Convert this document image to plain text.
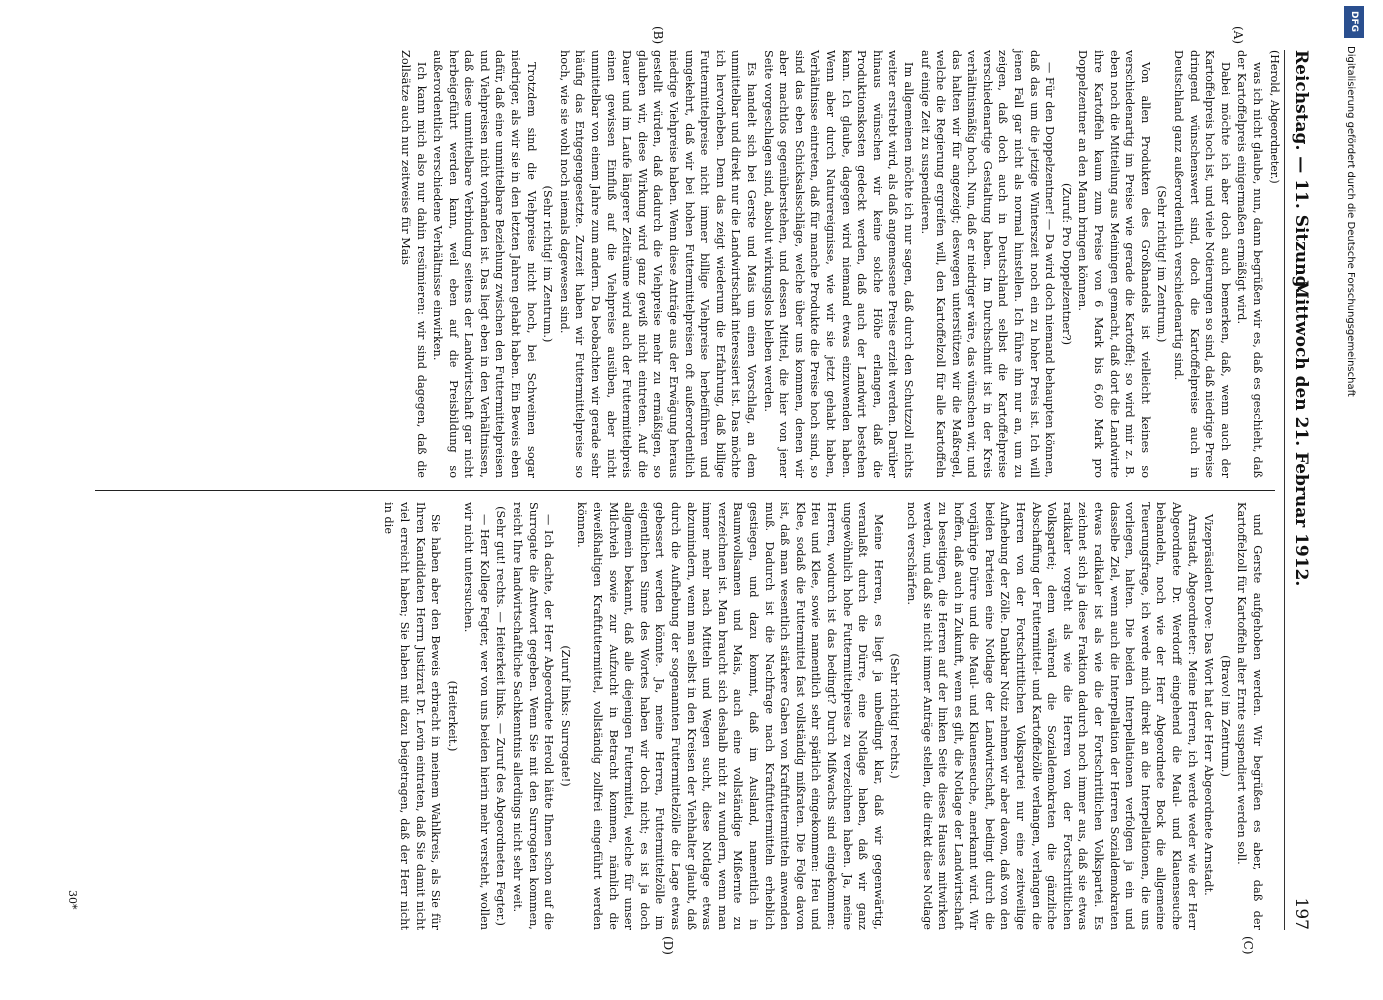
Reichstag. — 11. Sitzung.
Mittwoch den 21. Februar 1912.
197
(Herold, Abgeordneter.)
(A)
(B)
(C)
(D)

was ich nicht glaube, nun, dann begrüßen wir es, daß es geschieht, daß der Kartoffelpreis einigermaßen ermäßigt wird.

Dabei möchte ich aber doch auch bemerken, daß, wenn auch der Kartoffelpreis hoch ist, und viele Notierungen so sind, daß niedrige Preise dringend wünschenswert sind, doch die Kartoffelpreise auch in Deutschland ganz außerordentlich verschiedenartig sind.

(Sehr richtig! im Zentrum.)

Von allen Produkten des Großhandels ist vielleicht keines so verschiedenartig im Preise wie gerade die Kartoffel; so wird mir z. B. eben noch die Mitteilung aus Meiningen gemacht, daß dort die Landwirte ihre Kartoffeln kaum zum Preise von 6 Mark bis 6,60 Mark pro Doppelzentner an den Mann bringen können.

(Zuruf: Pro Doppelzentner?)

— Für den Doppelzentner! — Da wird doch niemand behaupten können, daß das um die jetzige Winterszeit noch ein zu hoher Preis ist. Ich will jenen Fall gar nicht als normal hinstellen. Ich führe ihn nur an, um zu zeigen, daß doch auch in Deutschland selbst die Kartoffelpreise verschiedenartige Gestaltung haben. Im Durchschnitt ist in der Kreis verhältnismäßig hoch. Nun, daß er niedriger wäre, das wünschen wir, und das halten wir für angezeigt; deswegen unterstützen wir die Maßregel, welche die Regierung ergreifen will, den Kartoffelzoll für alle Kartoffeln auf einige Zeit zu suspendieren.

Im allgemeinen möchte ich nur sagen, daß durch den Schutzzoll nichts weiter erstrebt wird, als daß angemessene Preise erzielt werden. Darüber hinaus wünschen wir keine solche Höhe erlangen, daß die Produktionskosten gedeckt werden, daß auch der Landwirt bestehen kann. Ich glaube, dagegen wird niemand etwas einzuwenden haben. Wenn aber durch Naturereignisse, wie wir sie jetzt gehabt haben, Verhältnisse eintreten, daß für manche Produkte die Preise hoch sind, so sind das eben Schicksalsschläge, welche über uns kommen, denen wir aber machtlos gegenüberstehen, und dessen Mittel, die hier von jener Seite vorgeschlagen sind, absolut wirkungslos bleiben werden.

Es handelt sich bei Gerste und Mais um einen Vorschlag, an dem unmittelbar und direkt nur die Landwirtschaft interessiert ist. Das möchte ich hervorheben. Denn das zeigt wiederum die Erfahrung, daß billige Futtermittelpreise nicht immer billige Viehpreise herbeiführen und umgekehrt, daß wir bei hohen Futtermittelpreisen oft außerordentlich niedrige Viehpreise haben. Wenn diese Anträge aus der Erwägung heraus gestellt würden, daß dadurch die Viehpreise mehr zu ermäßigen, so glauben wir, diese Wirkung wird ganz gewiß nicht eintreten. Auf die Dauer und im Laufe längerer Zeiträume wird auch der Futtermittelpreis einen gewissen Einfluß auf die Viehpreise ausüben, aber nicht unmittelbar von einem Jahre zum andern. Da beobachten wir gerade sehr häufig das Entgegengesetzte. Zurzeit haben wir Futtermittelpreise so hoch, wie sie wohl noch niemals dagewesen sind.

(Sehr richtig! im Zentrum.)

Trotzdem sind die Viehpreise nicht hoch, bei Schweinen sogar niedriger, als wir sie in den letzten Jahren gehabt haben. Ein Beweis eben dafür, daß eine unmittelbare Beziehung zwischen den Futtermittelpreisen und Viehpreisen nicht vorhanden ist. Das liegt eben in den Verhältnissen, daß diese unmittelbare Verbindung seitens der Landwirtschaft gar nicht herbeigeführt werden kann, weil eben auf die Preisbildung so außerordentlich verschiedene Verhältnisse einwirken.

Ich kann mich also nur dahin resümieren: wir sind dagegen, daß die Zollsätze auch nur zeitweise für Mais

und Gerste aufgehoben werden. Wir begrüßen es aber, daß der Kartoffelzoll für Kartoffeln alter Ernte suspendiert werden soll.

(Bravo! im Zentrum.)

Vizepräsident Dove: Das Wort hat der Herr Abgeordnete Arnstadt.

Arnstadt, Abgeordneter: Meine Herren, ich werde weder wie der Herr Abgeordnete Dr. Werdorff eingehend die Maul- und Klauenseuche behandeln, noch wie der Herr Abgeordnete Bock die allgemeine Teuerungsfrage, ich werde mich direkt an die Interpellationen, die uns vorliegen, halten. Die beiden Interpellationen verfolgen ja ein und dasselbe Ziel, wenn auch die Interpellation der Herren Sozialdemokraten etwas radikaler ist als wie die der Fortschrittlichen Volkspartei. Es zeichnet sich ja diese Fraktion dadurch noch immer aus, daß sie etwas radikaler vorgeht als wie die Herren von der Fortschrittlichen Volkspartei; denn während die Sozialdemokraten die gänzliche Abschaffung der Futtermittel- und Kartoffelzölle verlangen, verlangen die Herren von der Fortschrittlichen Volkspartei nur eine zeitweilige Aufhebung der Zölle. Dankbar Notiz nehmen wir aber davon, daß von den beiden Parteien eine Notlage der Landwirtschaft, bedingt durch die vorjährige Dürre und die Maul- und Klauenseuche, anerkannt wird. Wir hoffen, daß auch in Zukunft, wenn es gilt, die Notlage der Landwirtschaft zu beseitigen, die Herren auf der linken Seite dieses Hauses mitwirken werden, und daß sie nicht immer Anträge stellen, die direkt diese Notlage noch verschärfen.

(Sehr richtig! rechts.)

Meine Herren, es liegt ja unbedingt klar, daß wir gegenwärtig, veranlaßt durch die Dürre, eine Notlage haben, daß wir ganz ungewöhnlich hohe Futtermittelpreise zu verzeichnen haben. Ja, meine Herren, wodurch ist das bedingt? Durch Mißwachs sind eingekommen: Heu und Klee, sowie namentlich sehr spärlich eingekommen: Heu und Klee, sodaß die Futtermittel fast vollständig mißraten. Die Folge davon ist, daß man wesentlich stärkere Gaben von Kraftfuttermitteln anwenden muß. Dadurch ist die Nachfrage nach Kraftfuttermitteln erheblich gestiegen, und dazu kommt, daß im Ausland, namentlich in Baumwollsamen und Mais, auch eine vollständige Mißernte zu verzeichnen ist. Man braucht sich deshalb nicht zu wundern, wenn man immer mehr nach Mitteln und Wegen sucht, diese Notlage etwas abzumindern, wenn man selbst in den Kreisen der Viehhalter glaubt, daß durch die Aufhebung der sogenannten Futtermittelzölle die Lage etwas gebessert werden könnte. Ja, meine Herren, Futtermittelzölle im eigentlichen Sinne des Wortes haben wir doch nicht; es ist ja doch allgemein bekannt, daß alle diejenigen Futtermittel, welche für unser Milchvieh sowie zur Aufzucht in Betracht kommen, nämlich die eiweißhaltigen Kraftfuttermittel, vollständig zollfrei eingeführt werden können.

(Zuruf links: Surrogate!)

— Ich dachte, der Herr Abgeordnete Herold hätte Ihnen schon auf die Surrogate die Antwort gegeben. Wenn Sie mit den Surrogaten kommen, reicht Ihre landwirtschaftliche Sachkenntnis allerdings nicht sehr weit.

(Sehr gut! rechts. — Heiterkeit links. — Zuruf des Abgeordneten Fegter.)

— Herr Kollege Fegter, wer von uns beiden hierin mehr versteht, wollen wir nicht untersuchen.

(Heiterkeit.)

Sie haben aber den Beweis erbracht in meinem Wahlkreis, als Sie für Ihren Kandidaten Herrn Justizrat Dr. Levin eintraten, daß Sie damit nicht viel erreicht haben; Sie haben mit dazu beigetragen, daß der Herr nicht in die

30*
DFG
Digitalisierung gefördert durch die Deutsche Forschungsgemeinschaft
